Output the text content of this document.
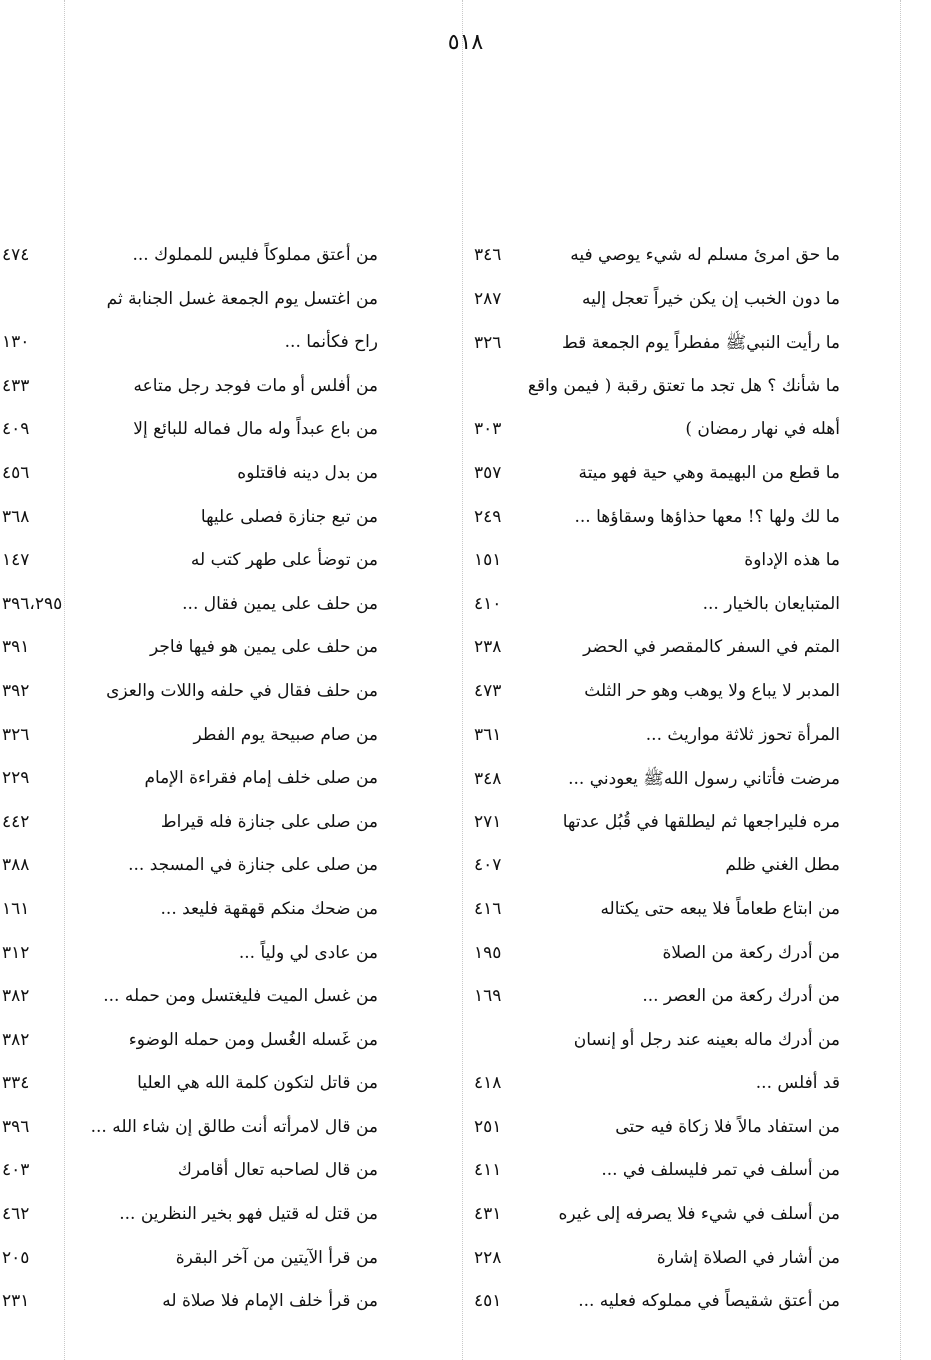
٥١٨
ما حق امرئ مسلم له شيء يوصي فيه
٣٤٦
ما دون الخبب إن يكن خيراً تعجل إليه
٢٨٧
ما رأيت النبيﷺ مفطراً يوم الجمعة قط
٣٢٦
ما شأنك ؟ هل تجد ما تعتق رقبة ( فيمن واقع
أهله في نهار رمضان )
٣٠٣
ما قطع من البهيمة وهي حية فهو ميتة
٣٥٧
ما لك ولها ؟! معها حذاؤها وسقاؤها ...
٢٤٩
ما هذه الإداوة
١٥١
المتبايعان بالخيار ...
٤١٠
المتم في السفر كالمقصر في الحضر
٢٣٨
المدبر لا يباع ولا يوهب وهو حر الثلث
٤٧٣
المرأة تحوز ثلاثة مواريث ...
٣٦١
مرضت فأتاني رسول اللهﷺ يعودني ...
٣٤٨
مره فليراجعها ثم ليطلقها في قُبُل عدتها
٢٧١
مطل الغني ظلم
٤٠٧
من ابتاع طعاماً فلا يبعه حتى يكتاله
٤١٦
من أدرك ركعة من الصلاة
١٩٥
من أدرك ركعة من العصر ...
١٦٩
من أدرك ماله بعينه عند رجل أو إنسان
قد أفلس ...
٤١٨
من استفاد مالاً فلا زكاة فيه حتى
٢٥١
من أسلف في تمر فليسلف في ...
٤١١
من أسلف في شيء فلا يصرفه إلى غيره
٤٣١
من أشار في الصلاة إشارة
٢٢٨
من أعتق شقيصاً في مملوكه فعليه ...
٤٥١
من أعتق مملوكاً فليس للمملوك ...
٤٧٤
من اغتسل يوم الجمعة غسل الجنابة ثم
راح فكأنما ...
١٣٠
من أفلس أو مات فوجد رجل متاعه
٤٣٣
من باع عبداً وله مال فماله للبائع إلا
٤٠٩
من بدل دينه فاقتلوه
٤٥٦
من تبع جنازة فصلى عليها
٣٦٨
من توضأ على طهر كتب له
١٤٧
من حلف على يمين فقال ...
٣٩٦،٢٩٥
من حلف على يمين هو فيها فاجر
٣٩١
من حلف فقال في حلفه واللات والعزى
٣٩٢
من صام صبيحة يوم الفطر
٣٢٦
من صلى خلف إمام فقراءة الإمام
٢٢٩
من صلى على جنازة فله قيراط
٤٤٢
من صلى على جنازة في المسجد ...
٣٨٨
من ضحك منكم قهقهة فليعد ...
١٦١
من عادى لي ولياً ...
٣١٢
من غسل الميت فليغتسل ومن حمله ...
٣٨٢
من غَسله الغُسل ومن حمله الوضوء
٣٨٢
من قاتل لتكون كلمة الله هي العليا
٣٣٤
من قال لامرأته أنت طالق إن شاء الله ...
٣٩٦
من قال لصاحبه تعال أقامرك
٤٠٣
من قتل له قتيل فهو بخير النظرين ...
٤٦٢
من قرأ الآيتين من آخر البقرة
٢٠٥
من قرأ خلف الإمام فلا صلاة له
٢٣١
